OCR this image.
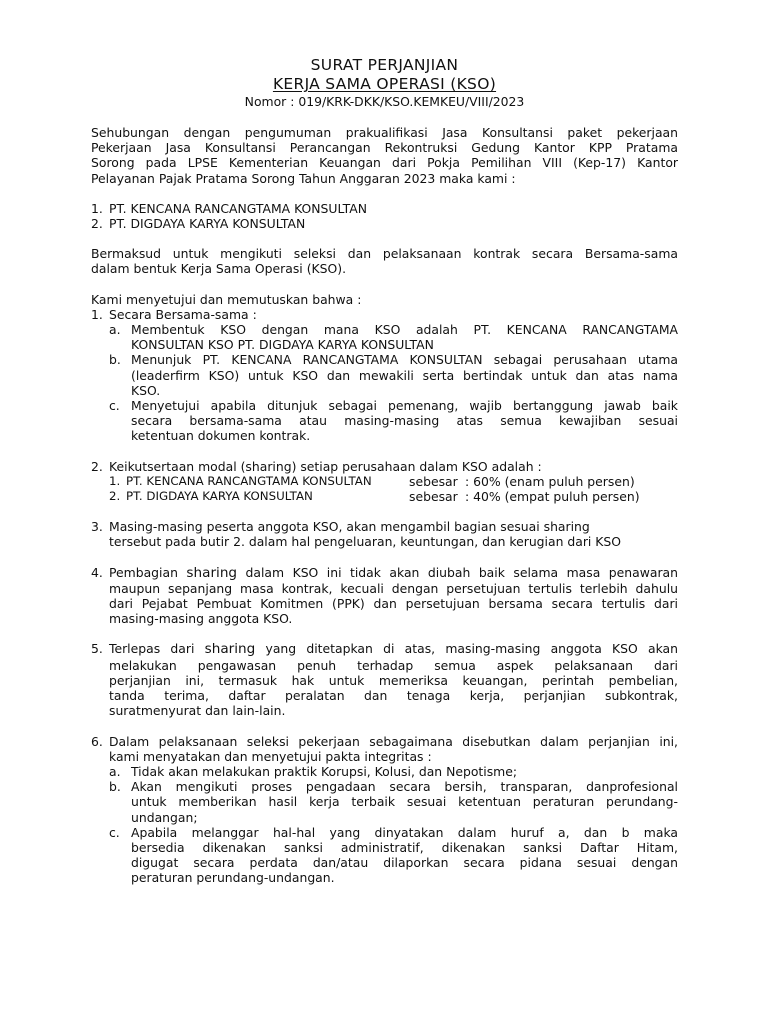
SURAT PERJANJIAN
KERJA SAMA OPERASI (KSO)
Nomor : 019/KRK-DKK/KSO.KEMKEU/VIII/2023

Sehubungan dengan pengumuman prakualifikasi Jasa Konsultansi paket pekerjaan

Pekerjaan Jasa Konsultansi Perancangan Rekontruksi Gedung Kantor KPP Pratama

Sorong pada LPSE Kementerian Keuangan dari Pokja Pemilihan VIII (Kep-17) Kantor

Pelayanan Pajak Pratama Sorong Tahun Anggaran 2023 maka kami :

1. PT. KENCANA RANCANGTAMA KONSULTAN
2. PT. DIGDAYA KARYA KONSULTAN

Bermaksud untuk mengikuti seleksi dan pelaksanaan kontrak secara Bersama-sama

dalam bentuk Kerja Sama Operasi (KSO).

Kami menyetujui dan memutuskan bahwa :

1. Secara Bersama-sama :
a. Membentuk KSO dengan mana KSO adalah PT. KENCANA RANCANGTAMA

KONSULTAN KSO PT. DIGDAYA KARYA KONSULTAN

b. Menunjuk PT. KENCANA RANCANGTAMA KONSULTAN sebagai perusahaan utama

(leaderfirm KSO) untuk KSO dan mewakili serta bertindak untuk dan atas nama

KSO.

c. Menyetujui apabila ditunjuk sebagai pemenang, wajib bertanggung jawab baik

secara bersama-sama atau masing-masing atas semua kewajiban sesuai

ketentuan dokumen kontrak.

2. Keikutsertaan modal (sharing) setiap perusahaan dalam KSO adalah :
1. PT. KENCANA RANCANGTAMA KONSULTAN	sebesar : 60% (enam puluh persen)
2. PT. DIGDAYA KARYA KONSULTAN	sebesar : 40% (empat puluh persen)
3. Masing-masing peserta anggota KSO, akan mengambil bagian sesuai sharing

tersebut pada butir 2. dalam hal pengeluaran, keuntungan, dan kerugian dari KSO

4. Pembagian sharing dalam KSO ini tidak akan diubah baik selama masa penawaran

maupun sepanjang masa kontrak, kecuali dengan persetujuan tertulis terlebih dahulu

dari Pejabat Pembuat Komitmen (PPK) dan persetujuan bersama secara tertulis dari

masing-masing anggota KSO.

5. Terlepas dari sharing yang ditetapkan di atas, masing-masing anggota KSO akan

melakukan pengawasan penuh terhadap semua aspek pelaksanaan dari

perjanjian ini, termasuk hak untuk memeriksa keuangan, perintah pembelian,

tanda terima, daftar peralatan dan tenaga kerja, perjanjian subkontrak,

suratmenyurat dan lain-lain.

6. Dalam pelaksanaan seleksi pekerjaan sebagaimana disebutkan dalam perjanjian ini,

kami menyatakan dan menyetujui pakta integritas :

a. Tidak akan melakukan praktik Korupsi, Kolusi, dan Nepotisme;

b. Akan mengikuti proses pengadaan secara bersih, transparan, danprofesional

untuk memberikan hasil kerja terbaik sesuai ketentuan peraturan perundang-

undangan;

c. Apabila melanggar hal-hal yang dinyatakan dalam huruf a, dan b maka

bersedia dikenakan sanksi administratif, dikenakan sanksi Daftar Hitam,

digugat secara perdata dan/atau dilaporkan secara pidana sesuai dengan

peraturan perundang-undangan.
